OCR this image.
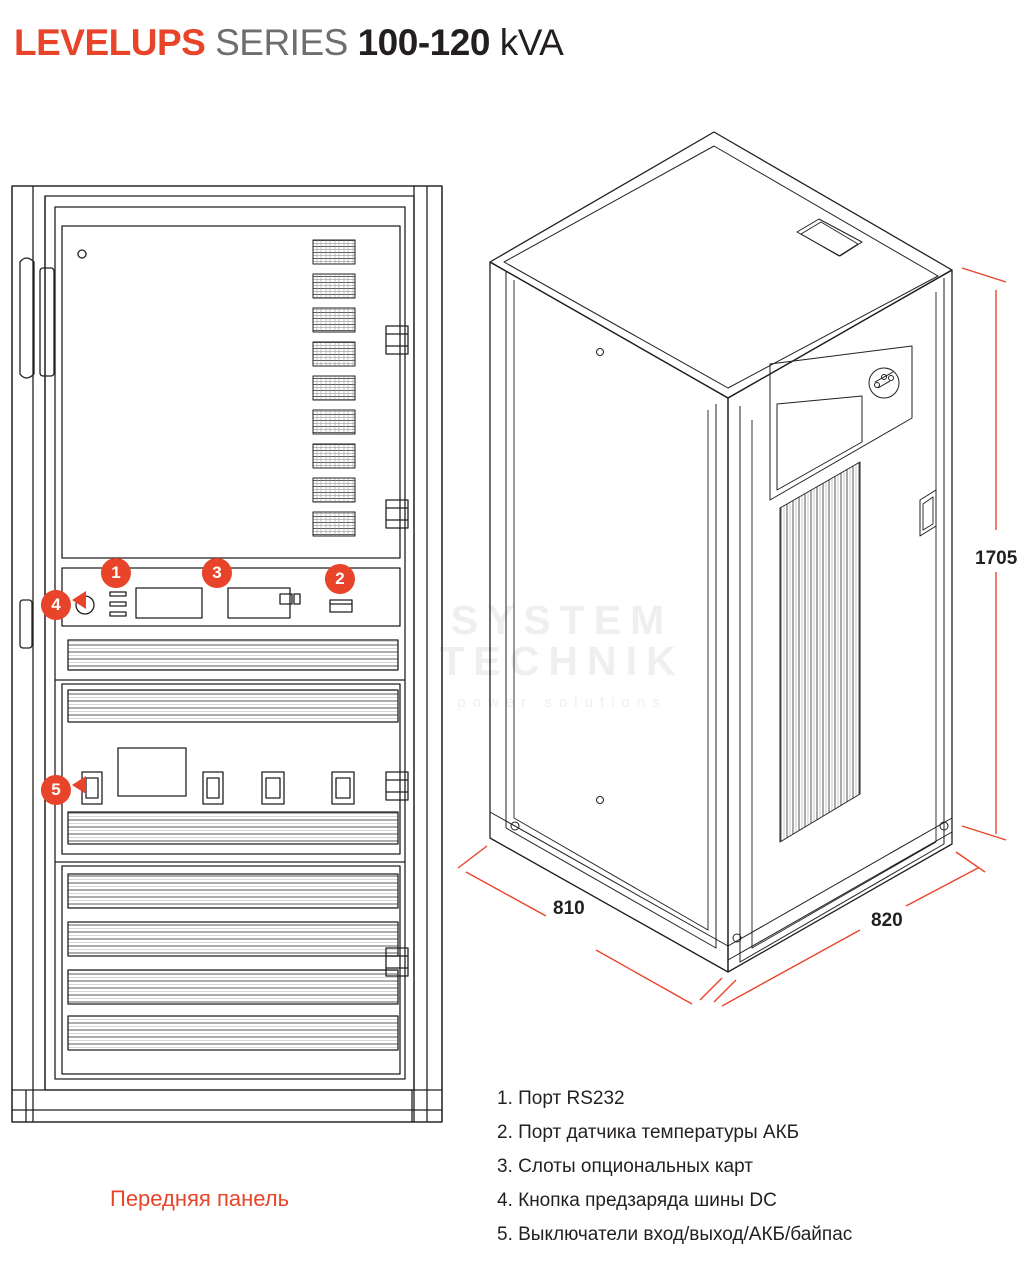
LEVELUPS SERIES 100-120 kVA
SYSTEM
TECHNIK
power solutions
1	3	2
4
5
1705
810
820
Передняя панель
1. Порт RS232
2. Порт датчика температуры АКБ
3. Слоты опциональных карт
4. Кнопка предзаряда шины DC
5. Выключатели вход/выход/АКБ/байпас
